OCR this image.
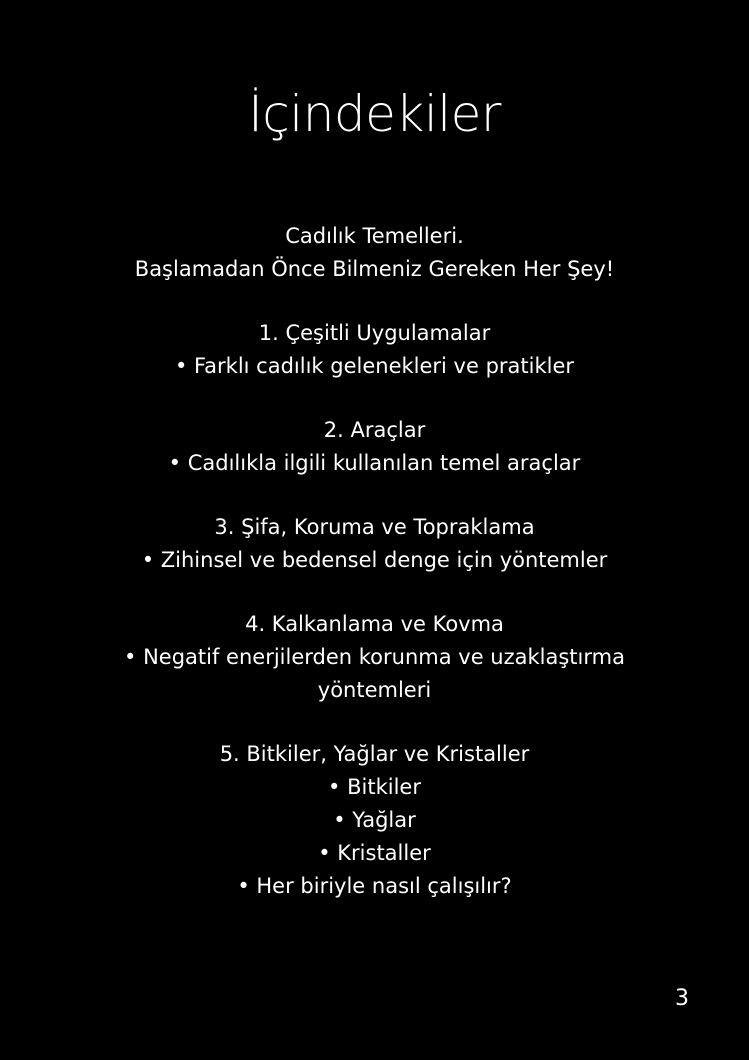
İçindekiler
Cadılık Temelleri.
Başlamadan Önce Bilmeniz Gereken Her Şey!
1. Çeşitli Uygulamalar
• Farklı cadılık gelenekleri ve pratikler
2. Araçlar
• Cadılıkla ilgili kullanılan temel araçlar
3. Şifa, Koruma ve Topraklama
• Zihinsel ve bedensel denge için yöntemler
4. Kalkanlama ve Kovma
• Negatif enerjilerden korunma ve uzaklaştırma
yöntemleri
5. Bitkiler, Yağlar ve Kristaller
• Bitkiler
• Yağlar
• Kristaller
• Her biriyle nasıl çalışılır?
3
